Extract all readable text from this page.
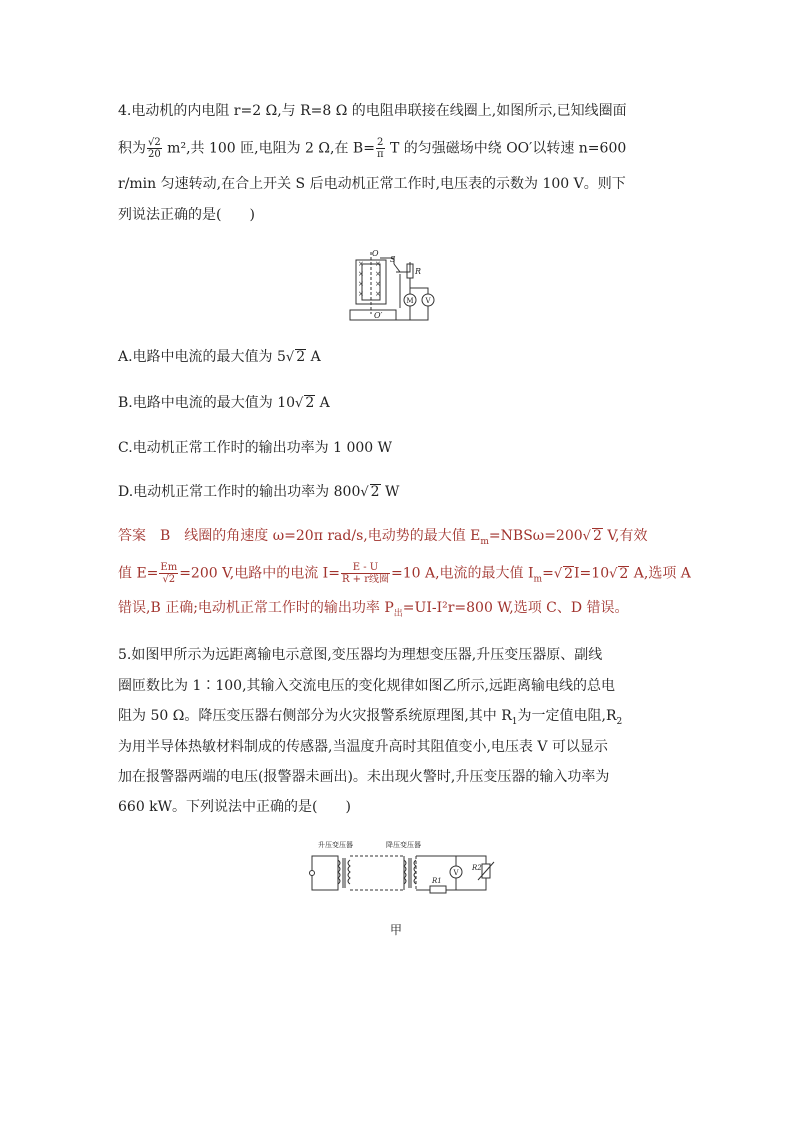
4.电动机的内电阻 r=2 Ω,与 R=8 Ω 的电阻串联接在线圈上,如图所示,已知线圈面
积为 $\frac{√2}{20} m^2$,共 100 匝,电阻为 2 Ω,在 $B= \frac{2}{\pi}$ T 的匀强磁场中绕 OO′以转速 n=600
r/min 匀速转动,在合上开关 S 后电动机正常工作时,电压表的示数为 100 V。则下
列说法正确的是(　　)
× ×
× ×
× ×
× ×
O
O′
S
R
M V
A.电路中电流的最大值为 5√ 2 A
B.电路中电流的最大值为 10√ 2 A
C.电动机正常工作时的输出功率为 1 000 W
D.电动机正常工作时的输出功率为 800√ 2 W
答案　B　线圈的角速度 ω=20π rad/s,电动势的最大值 $E_m=NBS\omega=200√$ 2 V,有效
值 $E= \frac{Em}{√2} =200$ V,电路中的电流 $I= \frac{E - U}{\text{R + r线圈}} =10$ A,电流的最大值 $I_m=√$ 2I=10√ 2 A,选项 A
错误,B 正确;电动机正常工作时的输出功率 $P_出=UI-I^2r=800$ W,选项 C、D 错误。
5.如图甲所示为远距离输电示意图,变压器均为理想变压器,升压变压器原、副线
圈匝数比为 1∶100,其输入交流电压的变化规律如图乙所示,远距离输电线的总电
阻为 50 Ω。降压变压器右侧部分为火灾报警系统原理图,其中 $R_1$为一定值电阻$,R_2$
为用半导体热敏材料制成的传感器,当温度升高时其阻值变小,电压表 V 可以显示
加在报警器两端的电压(报警器未画出)。未出现火警时,升压变压器的输入功率为
660 kW。下列说法中正确的是(　　)
升压变压器	降压变压器
V
R2
R1
甲
